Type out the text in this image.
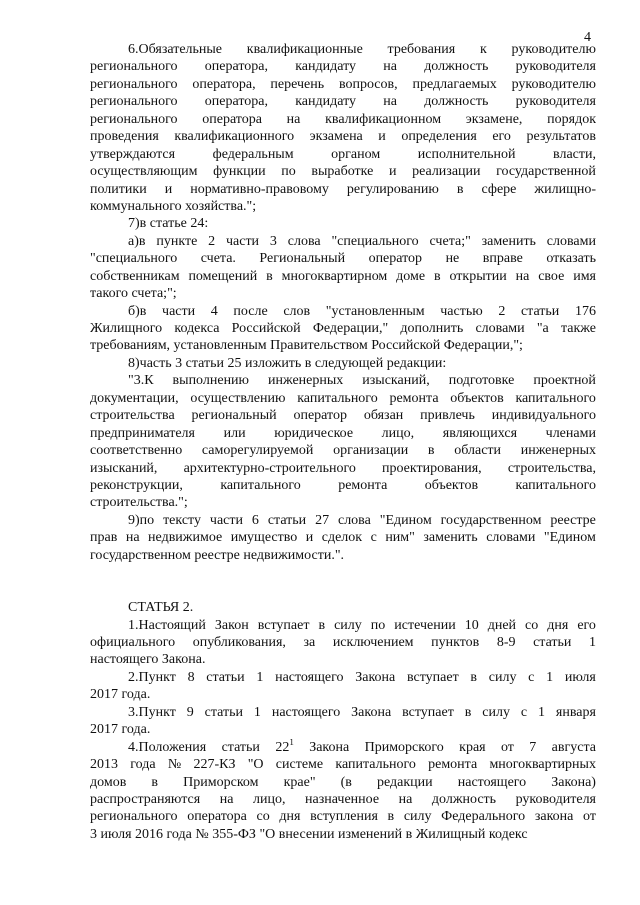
4
6.Обязательные квалификационные требования к руководителю
регионального оператора, кандидату на должность руководителя
регионального оператора, перечень вопросов, предлагаемых руководителю
регионального оператора, кандидату на должность руководителя
регионального оператора на квалификационном экзамене, порядок
проведения квалификационного экзамена и определения его результатов
утверждаются	федеральным	органом	исполнительной	власти,
осуществляющим функции по выработке и реализации государственной
политики и нормативно-правовому регулированию в сфере жилищно-
коммунального хозяйства.";
7)в статье 24:
а)в пункте 2 части 3 слова "специального счета;" заменить словами
"специального счета. Региональный оператор не вправе отказать
собственникам помещений в многоквартирном доме в открытии на свое имя
такого счета;";
б)в части 4 после слов "установленным частью 2 статьи 176
Жилищного кодекса Российской Федерации," дополнить словами "а также
требованиям, установленным Правительством Российской Федерации,";
8)часть 3 статьи 25 изложить в следующей редакции:
"3.К выполнению инженерных изысканий, подготовке проектной
документации, осуществлению капитального ремонта объектов капитального
строительства региональный оператор обязан привлечь индивидуального
предпринимателя или юридическое лицо, являющихся членами
соответственно саморегулируемой организации в области инженерных
изысканий, архитектурно-строительного проектирования, строительства,
реконструкции,	капитального	ремонта	объектов	капитального
строительства.";
9)по тексту части 6 статьи 27 слова "Едином государственном реестре
прав на недвижимое имущество и сделок с ним" заменить словами "Едином
государственном реестре недвижимости.".
СТАТЬЯ 2.
1.Настоящий Закон вступает в силу по истечении 10 дней со дня его
официального опубликования, за исключением пунктов 8-9 статьи 1
настоящего Закона.
2.Пункт 8 статьи 1 настоящего Закона вступает в силу с 1 июля
2017 года.
3.Пункт 9 статьи 1 настоящего Закона вступает в силу с 1 января
2017 года.
4.Положения статьи $22^1$ Закона Приморского края от 7 августа
2013 года № 227-КЗ "О системе капитального ремонта многоквартирных
домов в Приморском крае" (в редакции настоящего Закона)
распространяются на лицо, назначенное на должность руководителя
регионального оператора со дня вступления в силу Федерального закона от
3 июля 2016 года № 355-ФЗ "О внесении изменений в Жилищный кодекс
